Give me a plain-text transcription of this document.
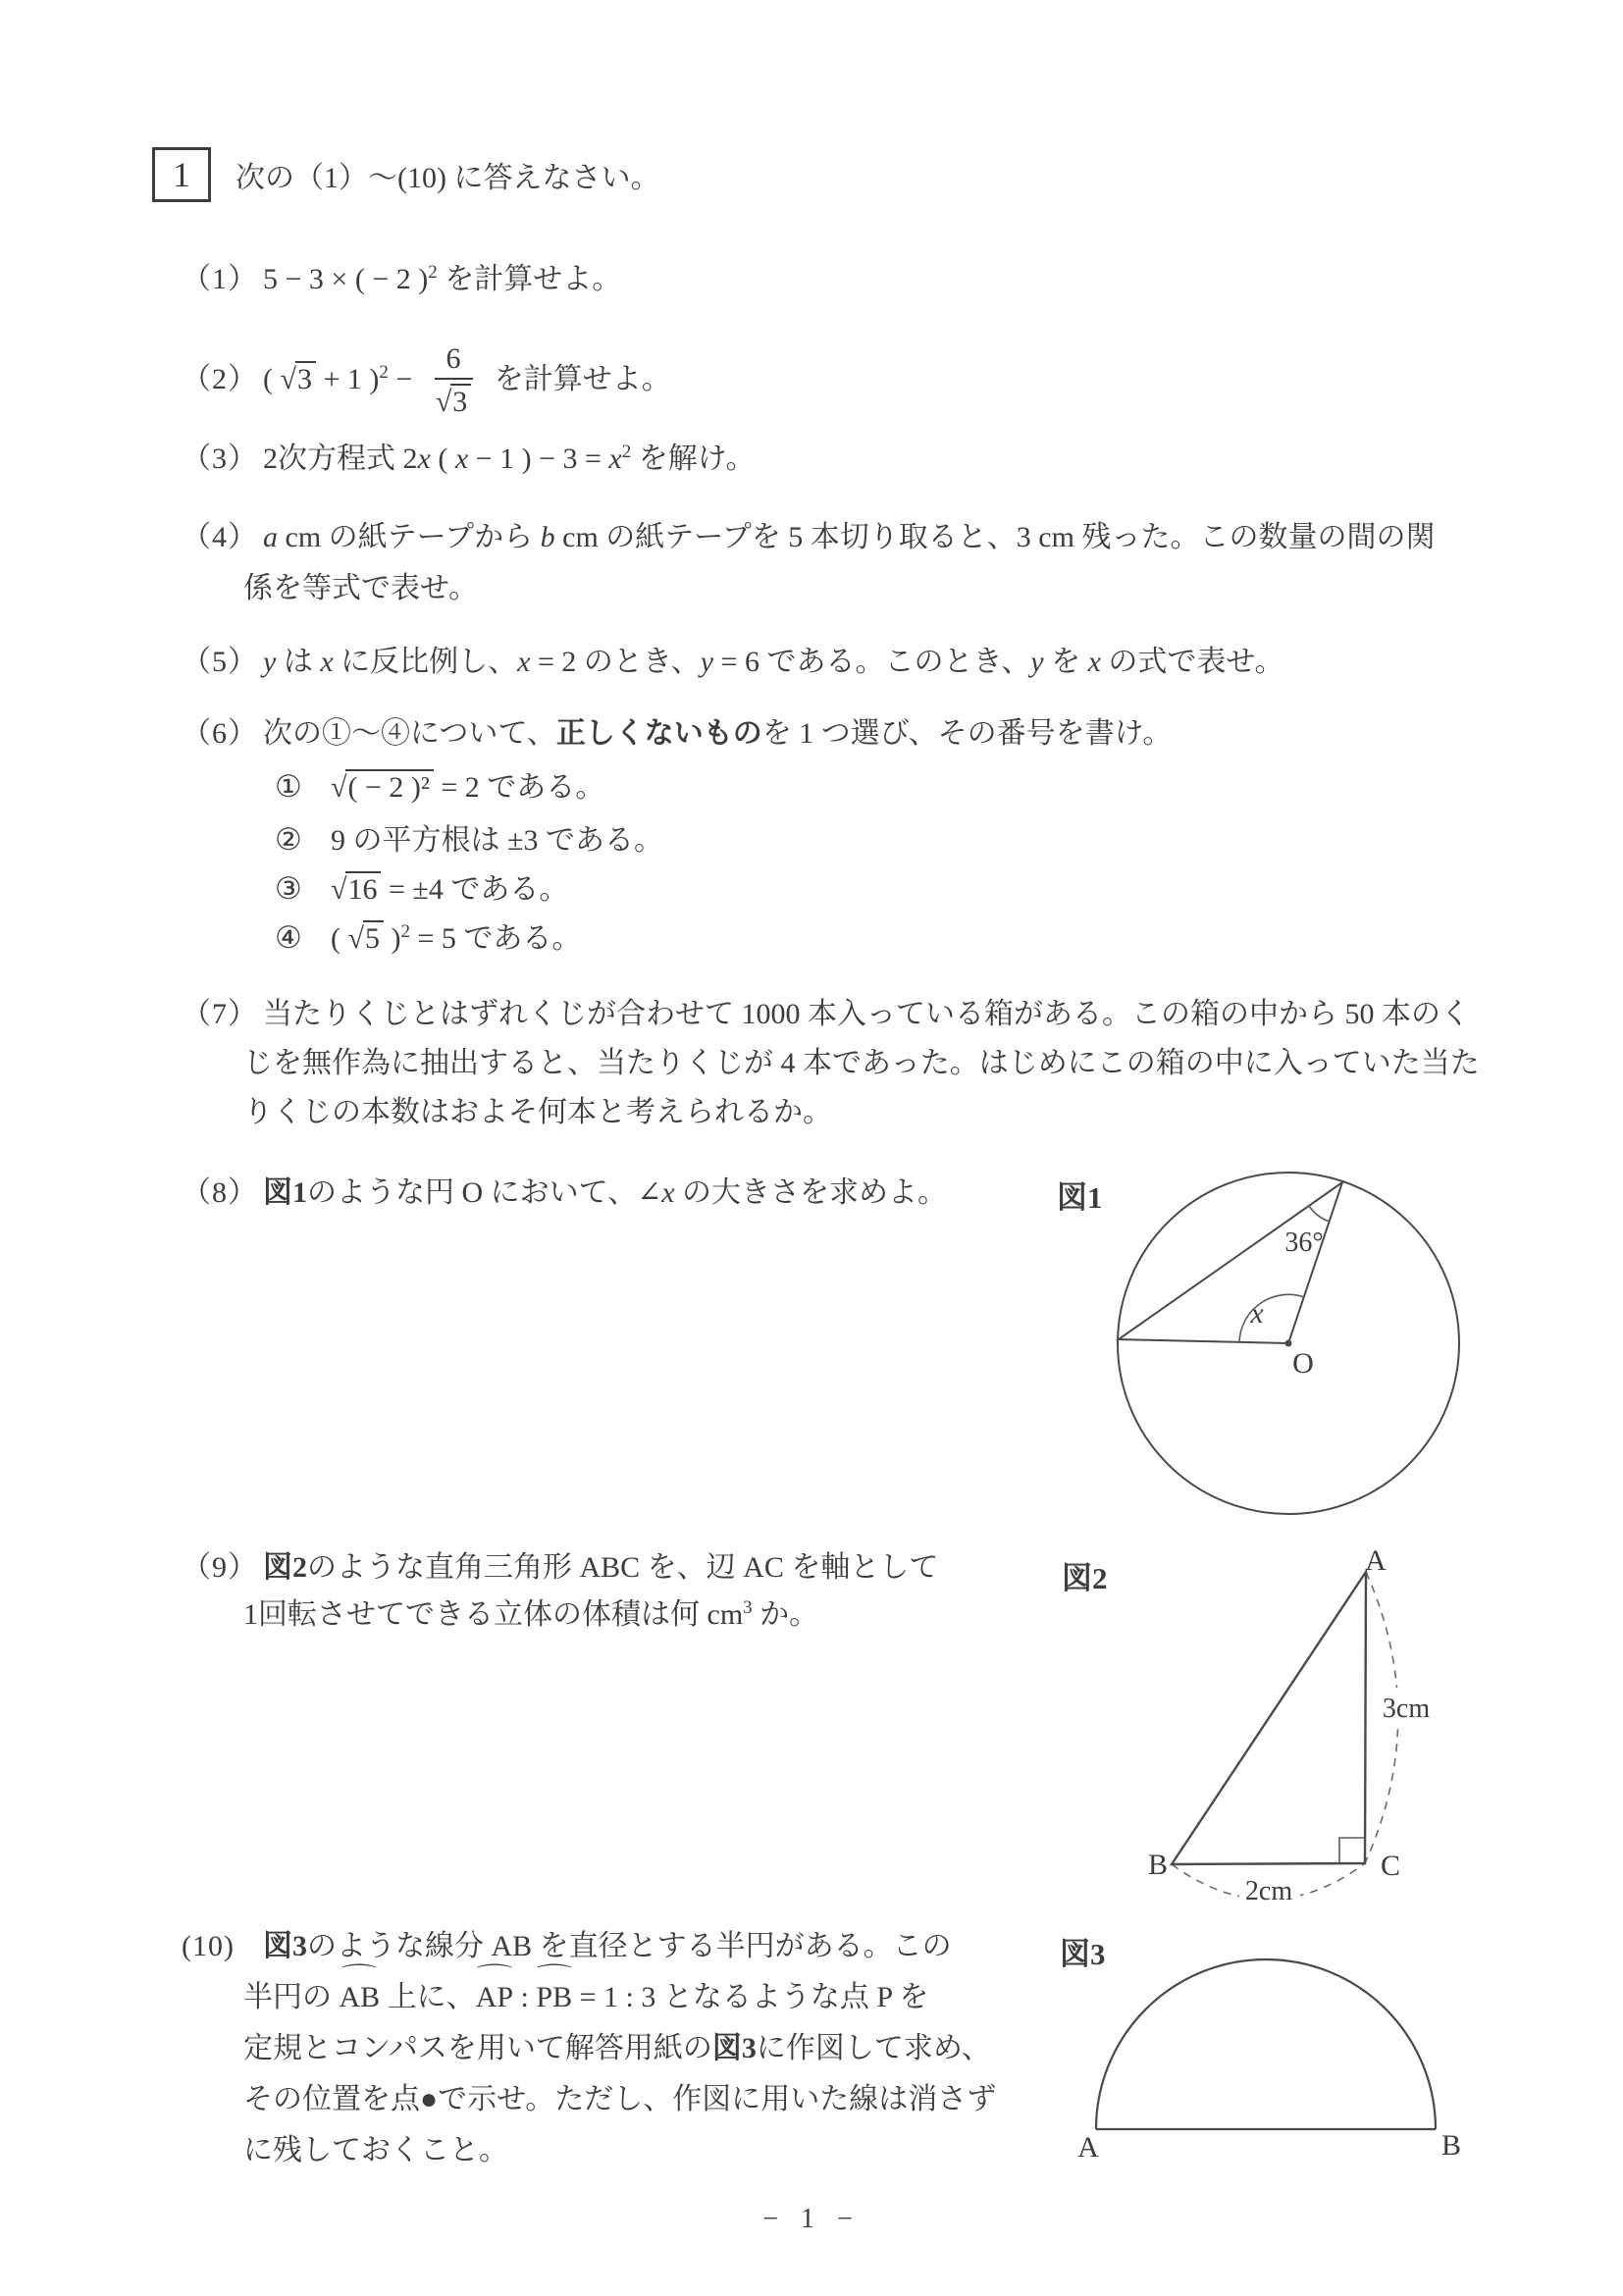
1	次の（1）～(10) に答えなさい。
（1） 5 − 3 × ( − 2 )$^2$ を計算せよ。
（2） ( √3 + 1 )$^2 - \frac{6}{√3}$ を計算せよ。
（3） 2次方程式 2x ( x − 1 ) − $3 = x^2$ を解け。
（4） a cm の紙テープから b cm の紙テープを 5 本切り取ると、3 cm 残った。この数量の間の関
係を等式で表せ。
（5） y は x に反比例し、x = 2 のとき、y = 6 である。このとき、y を x の式で表せ。
（6） 次の①～④について、正しくないものを 1 つ選び、その番号を書け。
① √( − 2 )² = 2 である。
② 9 の平方根は ±3 である。
③ √16 = ±4 である。
④ ( √5 )$^2$ = 5 である。
（7） 当たりくじとはずれくじが合わせて 1000 本入っている箱がある。この箱の中から 50 本のく
じを無作為に抽出すると、当たりくじが 4 本であった。はじめにこの箱の中に入っていた当た
りくじの本数はおよそ何本と考えられるか。
（8） 図1のような円 O において、∠x の大きさを求めよ。	図1
36°
x
O
（9） 図2のような直角三角形 ABC を、辺 AC を軸として
1回転させてできる立体の体積は何 $cm^3$ か。
図2
3cm
2cm
A
B	C
(10) 図3のような線分 AB を直径とする半円がある。この
半円の ⌒ AB 上に、⌒ AP : ⌒ PB = 1 : 3 となるような点 P を
定規とコンパスを用いて解答用紙の図3に作図して求め、
その位置を点●で示せ。ただし、作図に用いた線は消さず
に残しておくこと。
図3
A	B
− 1 −
